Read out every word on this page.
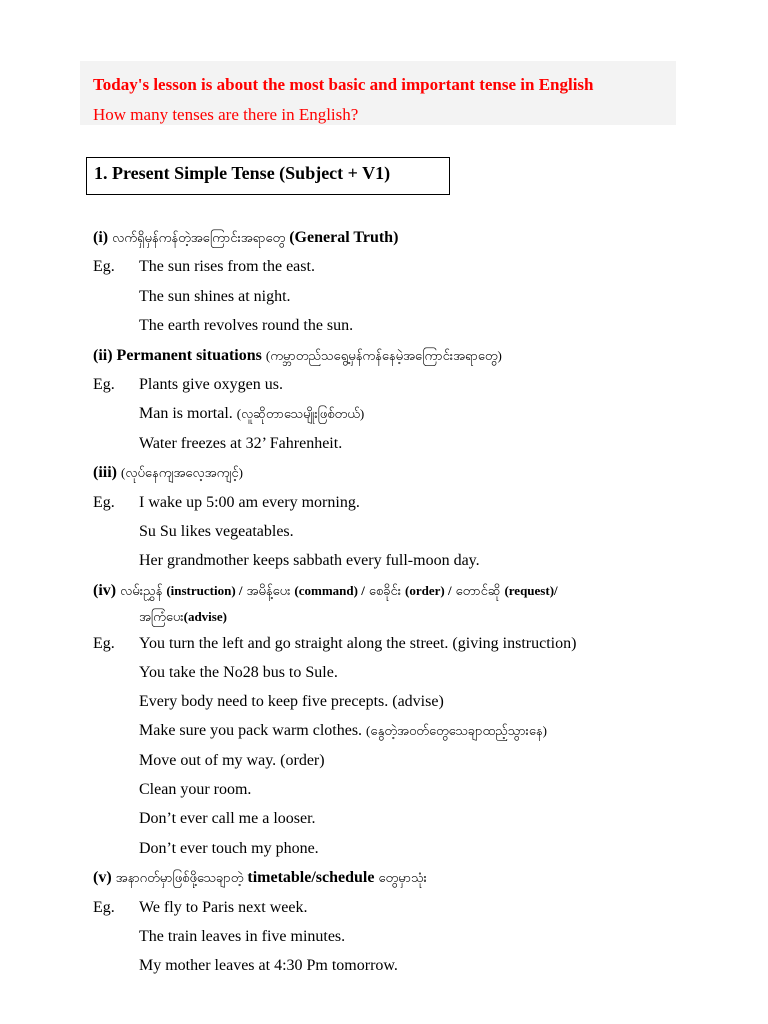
Today's lesson is about the most basic and important tense in English
How many tenses are there in English?
1. Present Simple Tense (Subject + V1)
(i) လက်ရှိမှန်ကန်တဲ့အကြောင်းအရာတွေ (General Truth)
Eg. The sun rises from the east.
The sun shines at night.
The earth revolves round the sun.
(ii) Permanent situations (ကမ္ဘာတည်သရွေ့မှန်ကန်နေမဲ့အကြောင်းအရာတွေ)
Eg. Plants give oxygen us.
Man is mortal. (လူဆိုတာသေမျိုးဖြစ်တယ်)
Water freezes at 32’ Fahrenheit.
(iii) (လုပ်နေကျအလေ့အကျင့်)
Eg. I wake up 5:00 am every morning.
Su Su likes vegeatables.
Her grandmother keeps sabbath every full-moon day.
(iv) လမ်းညွှန် (instruction) / အမိန့်ပေး (command) / စေခိုင်း (order) / တောင်ဆို (request)/
အကြံပေး(advise)
Eg. You turn the left and go straight along the street. (giving instruction)
You take the No28 bus to Sule.
Every body need to keep five precepts. (advise)
Make sure you pack warm clothes. (နွေတဲ့အဝတ်တွေသေချာထည့်သွားနေ)
Move out of my way. (order)
Clean your room.
Don’t ever call me a looser.
Don’t ever touch my phone.
(v) အနာဂတ်မှာဖြစ်ဖို့သေချာတဲ့ timetable/schedule တွေမှာသုံး
Eg. We fly to Paris next week.
The train leaves in five minutes.
My mother leaves at 4:30 Pm tomorrow.
